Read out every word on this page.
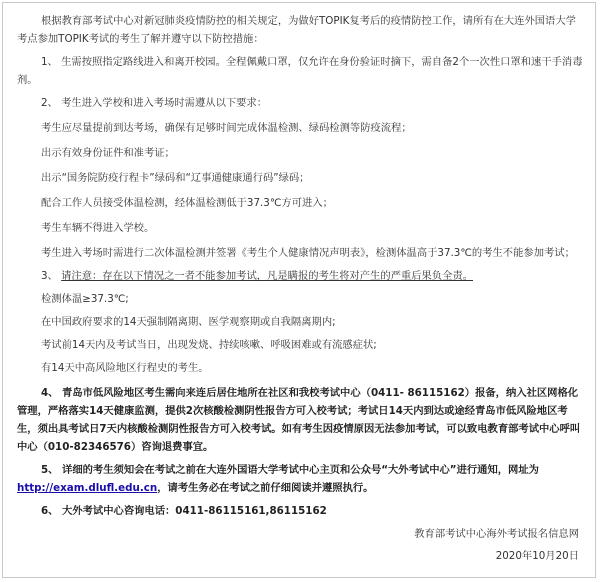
根据教育部考试中心对新冠肺炎疫情防控的相关规定，为做好TOPIK复考后的疫情防控工作，请所有在大连外国语大学考点参加TOPIK考试的考生了解并遵守以下防控措施：

1、 生需按照指定路线进入和离开校园。全程佩戴口罩，仅允许在身份验证时摘下，需自备2个一次性口罩和速干手消毒剂。

2、 考生进入学校和进入考场时需遵从以下要求：

考生应尽量提前到达考场，确保有足够时间完成体温检测、绿码检测等防疫流程；

出示有效身份证件和准考证；

出示“国务院防疫行程卡”绿码和“辽事通健康通行码”绿码；

配合工作人员接受体温检测，经体温检测低于37.3℃方可进入；

考生车辆不得进入学校。

考生进入考场时需进行二次体温检测并签署《考生个人健康情况声明表》，检测体温高于37.3℃的考生不能参加考试；

3、 请注意：存在以下情况之一者不能参加考试，凡是瞒报的考生将对产生的严重后果负全责。

检测体温≥37.3℃;

在中国政府要求的14天强制隔离期、医学观察期或自我隔离期内;

考试前14天内及考试当日，出现发烧、持续咳嗽、呼吸困难或有流感症状;

有14天中高风险地区行程史的考生。

4、 青岛市低风险地区考生需向来连后居住地所在社区和我校考试中心（0411- 86115162）报备，纳入社区网格化管理，严格落实14天健康监测，提供2次核酸检测阴性报告方可入校考试；考试日14天内到达或途经青岛市低风险地区考生，须出具考试日7天内核酸检测阴性报告方可入校考试。如有考生因疫情原因无法参加考试，可以致电教育部考试中心呼叫中心（010-82346576）咨询退费事宜。

5、 详细的考生须知会在考试之前在大连外国语大学考试中心主页和公众号“大外考试中心”进行通知，网址为 http://exam.dlufl.edu.cn，请考生务必在考试之前仔细阅读并遵照执行。

6、 大外考试中心咨询电话：0411-86115161,86115162

教育部考试中心海外考试报名信息网

2020年10月20日
